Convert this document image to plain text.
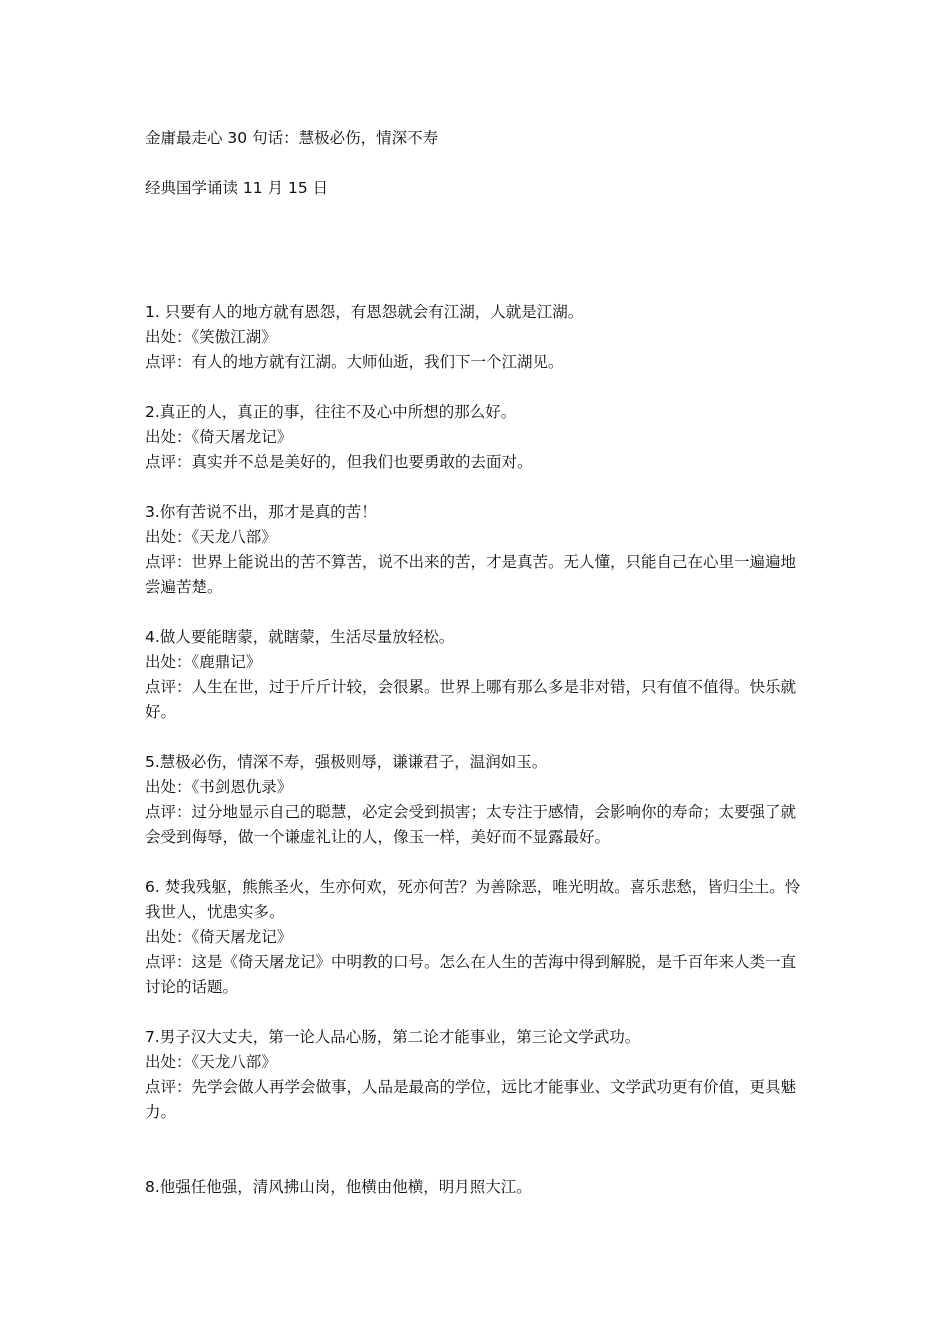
金庸最走心 30 句话：慧极必伤，情深不寿
经典国学诵读 11 月 15 日

1. 只要有人的地方就有恩怨，有恩怨就会有江湖，人就是江湖。

出处：《笑傲江湖》

点评：有人的地方就有江湖。大师仙逝，我们下一个江湖见。

2.真正的人，真正的事，往往不及心中所想的那么好。

出处：《倚天屠龙记》

点评：真实并不总是美好的，但我们也要勇敢的去面对。

3.你有苦说不出，那才是真的苦！

出处：《天龙八部》

点评：世界上能说出的苦不算苦，说不出来的苦，才是真苦。无人懂，只能自己在心里一遍遍地尝遍苦楚。

4.做人要能瞎蒙，就瞎蒙，生活尽量放轻松。

出处：《鹿鼎记》

点评：人生在世，过于斤斤计较，会很累。世界上哪有那么多是非对错，只有值不值得。快乐就好。

5.慧极必伤，情深不寿，强极则辱，谦谦君子，温润如玉。

出处：《书剑恩仇录》

点评：过分地显示自己的聪慧，必定会受到损害；太专注于感情，会影响你的寿命；太要强了就会受到侮辱，做一个谦虚礼让的人，像玉一样，美好而不显露最好。

6. 焚我残躯，熊熊圣火，生亦何欢，死亦何苦？为善除恶，唯光明故。喜乐悲愁，皆归尘土。怜我世人，忧患实多。

出处：《倚天屠龙记》

点评：这是《倚天屠龙记》中明教的口号。怎么在人生的苦海中得到解脱，是千百年来人类一直讨论的话题。

7.男子汉大丈夫，第一论人品心肠，第二论才能事业，第三论文学武功。

出处：《天龙八部》

点评：先学会做人再学会做事，人品是最高的学位，远比才能事业、文学武功更有价值，更具魅力。

8.他强任他强，清风拂山岗，他横由他横，明月照大江。
